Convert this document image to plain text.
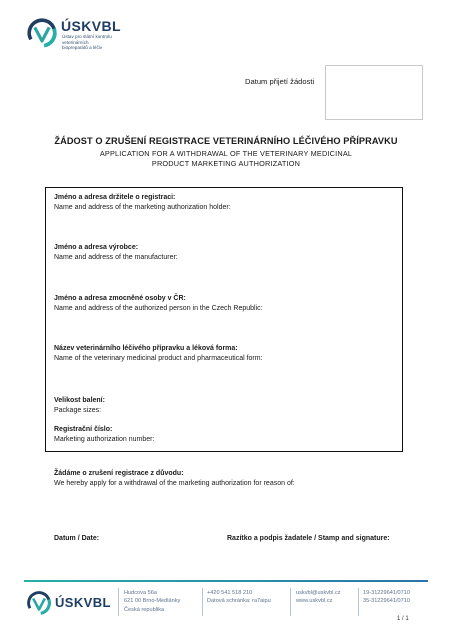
ÚSKVBL
Ústav pro státní kontrolu
veterinárních
biopreparátů a léčiv
Datum přijetí žádosti
ŽÁDOST O ZRUŠENÍ REGISTRACE VETERINÁRNÍHO LÉČIVÉHO PŘÍPRAVKU
APPLICATION FOR A WITHDRAWAL OF THE VETERINARY MEDICINAL
PRODUCT MARKETING AUTHORIZATION
Jméno a adresa držitele o registraci:
Name and address of the marketing authorization holder:
Jméno a adresa výrobce:
Name and address of the manufacturer:
Jméno a adresa zmocněné osoby v ČR:
Name and address of the authorized person in the Czech Republic:
Název veterinárního léčivého přípravku a léková forma:
Name of the veterinary medicinal product and pharmaceutical form:
Velikost balení:
Package sizes:
Registrační číslo:
Marketing authorization number:
Žádáme o zrušení registrace z důvodu:
We hereby apply for a withdrawal of the marketing authorization for reason of:
Datum / Date:	Razítko a podpis žadatele / Stamp and signature:
ÚSKVBL
Hudcova 56a
621 00 Brno-Medlánky
Česká republika
+420 541 518 210
Datová schránka: ra7aipu
uskvbl@uskvbl.cz
www.uskvbl.cz
19-31229641/0710
35-31229641/0710
1 / 1
